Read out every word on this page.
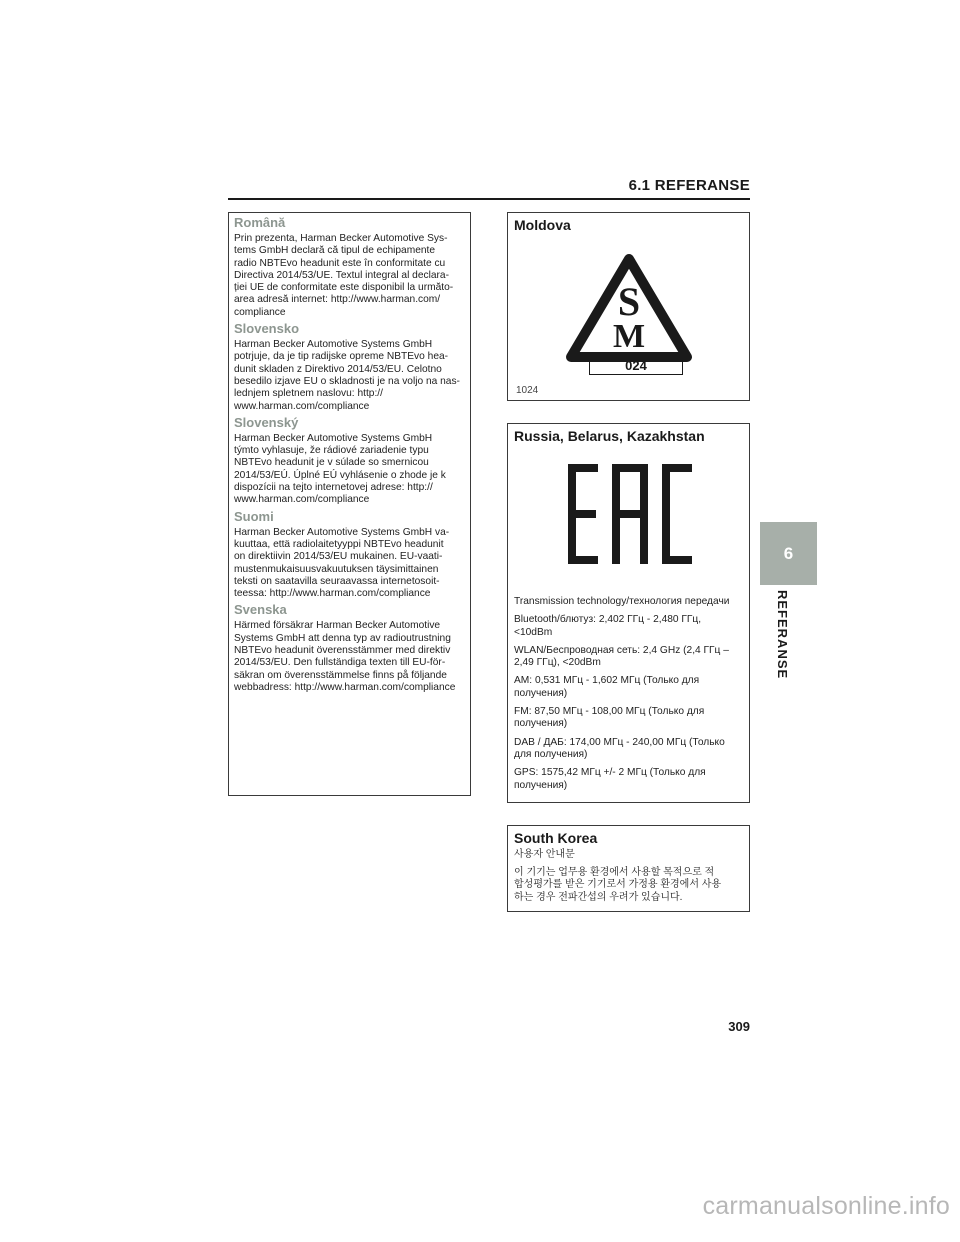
6.1 REFERANSE
6
REFERANSE
Română
Prin prezenta, Harman Becker Automotive Sys-
tems GmbH declară că tipul de echipamente
radio NBTEvo headunit este în conformitate cu
Directiva 2014/53/UE. Textul integral al declara-
ției UE de conformitate este disponibil la următo-
area adresă internet: http://www.harman.com/
compliance
Slovensko
Harman Becker Automotive Systems GmbH
potrjuje, da je tip radijske opreme NBTEvo hea-
dunit skladen z Direktivo 2014/53/EU. Celotno
besedilo izjave EU o skladnosti je na voljo na nas-
lednjem spletnem naslovu: http://
www.harman.com/compliance
Slovenský
Harman Becker Automotive Systems GmbH
týmto vyhlasuje, že rádiové zariadenie typu
NBTEvo headunit je v súlade so smernicou
2014/53/EÚ. Úplné EÚ vyhlásenie o zhode je k
dispozícii na tejto internetovej adrese: http://
www.harman.com/compliance
Suomi
Harman Becker Automotive Systems GmbH va-
kuuttaa, että radiolaitetyyppi NBTEvo headunit
on direktiivin 2014/53/EU mukainen. EU-vaati-
mustenmukaisuusvakuutuksen täysimittainen
teksti on saatavilla seuraavassa internetosoit-
teessa: http://www.harman.com/compliance
Svenska
Härmed försäkrar Harman Becker Automotive
Systems GmbH att denna typ av radioutrustning
NBTEvo headunit överensstämmer med direktiv
2014/53/EU. Den fullständiga texten till EU-för-
säkran om överensstämmelse finns på följande
webbadress: http://www.harman.com/compliance
Moldova
S
M
024
1024
Russia, Belarus, Kazakhstan

Transmission technology/технология передачи

Bluetooth/блютуз: 2,402 ГГц - 2,480 ГГц,
<10dBm

WLAN/Беспроводная сеть: 2,4 GHz (2,4 ГГц –
2,49 ГГц), <20dBm

AM: 0,531 МГц - 1,602 МГц (Только для
получения)

FM: 87,50 МГц - 108,00 МГц (Только для
получения)

DAB / ДАБ: 174,00 МГц - 240,00 МГц (Только
для получения)

GPS: 1575,42 МГц +/- 2 МГц (Только для
получения)

South Korea

사용자 안내문

이 기기는 업무용 환경에서 사용할 목적으로 적
합성평가를 받은 기기로서 가정용 환경에서 사용
하는 경우 전파간섭의 우려가 있습니다.

309
carmanualsonline.info
